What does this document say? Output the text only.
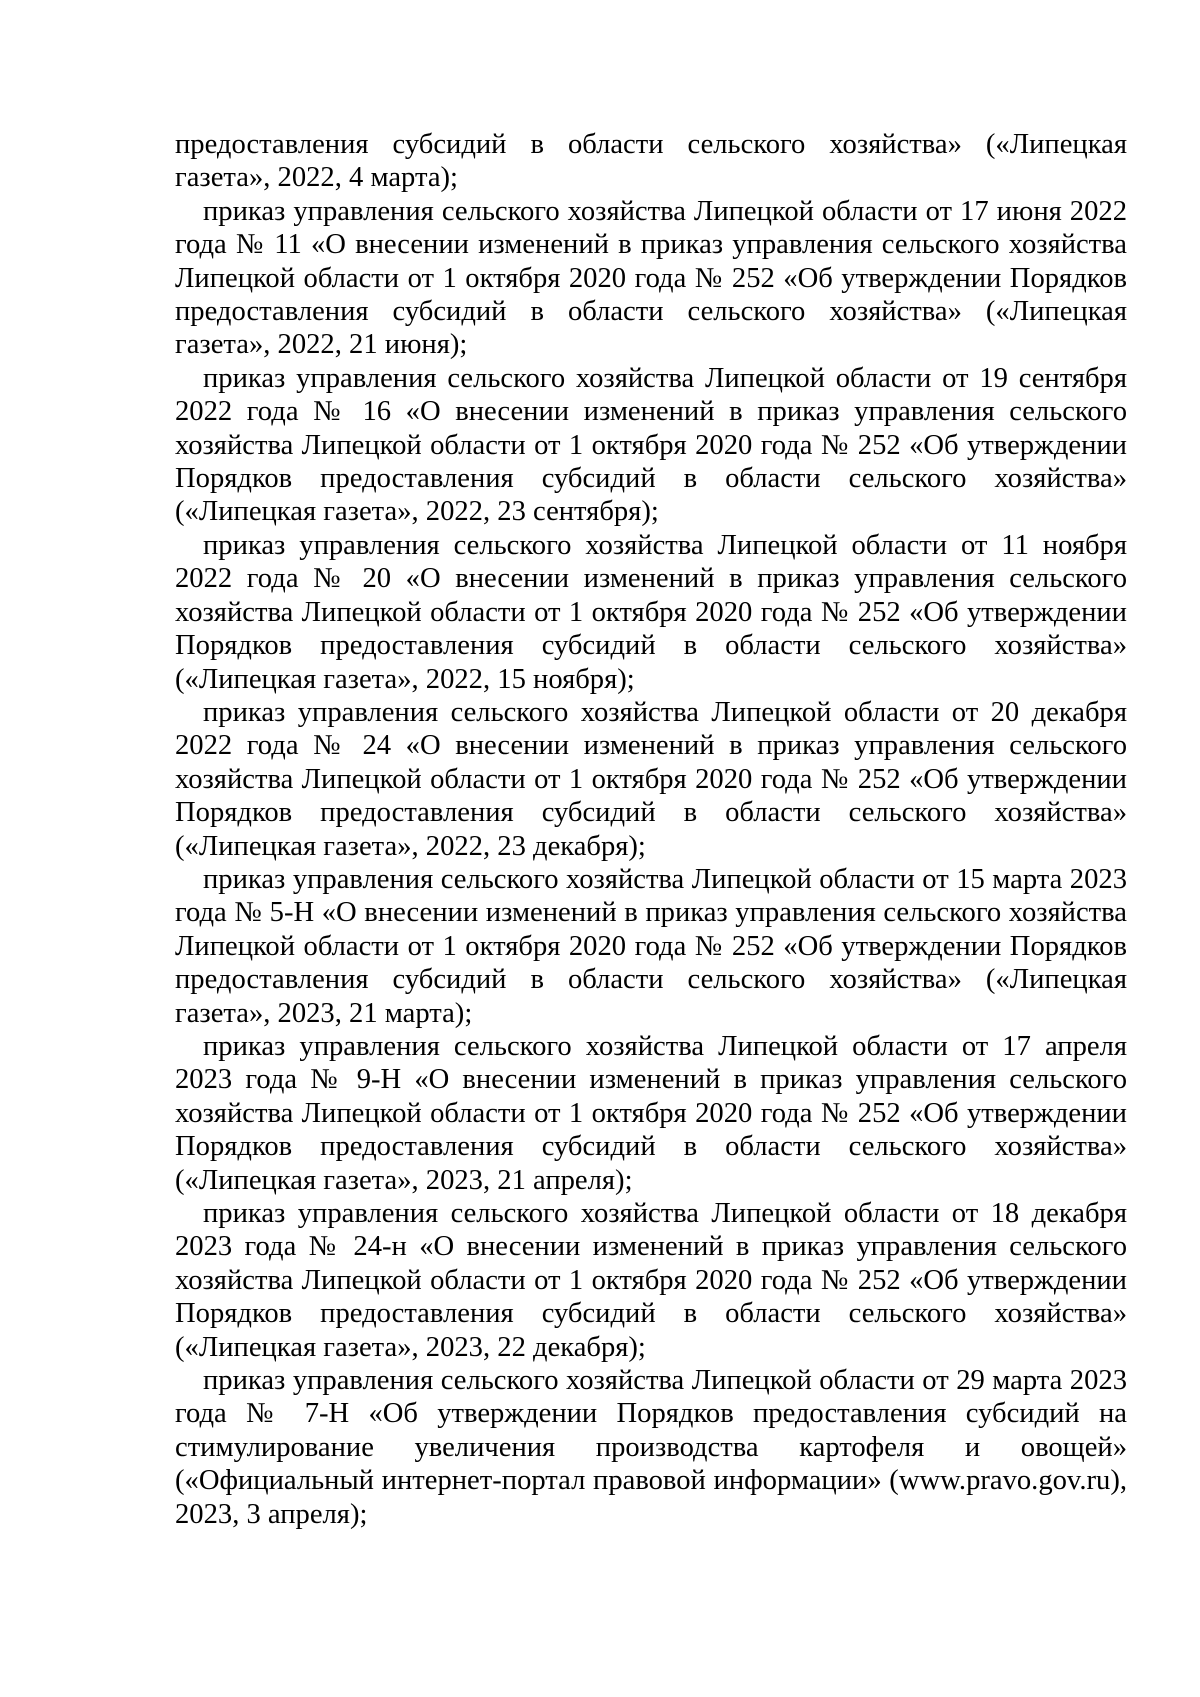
предоставления субсидий в области сельского хозяйства» («Липецкая газета», 2022, 4 марта);

приказ управления сельского хозяйства Липецкой области от 17 июня 2022 года № 11 «О внесении изменений в приказ управления сельского хозяйства Липецкой области от 1 октября 2020 года № 252 «Об утверждении Порядков предоставления субсидий в области сельского хозяйства» («Липецкая газета», 2022, 21 июня);

приказ управления сельского хозяйства Липецкой области от 19 сентября 2022 года № 16 «О внесении изменений в приказ управления сельского хозяйства Липецкой области от 1 октября 2020 года № 252 «Об утверждении Порядков предоставления субсидий в области сельского хозяйства» («Липецкая газета», 2022, 23 сентября);

приказ управления сельского хозяйства Липецкой области от 11 ноября 2022 года № 20 «О внесении изменений в приказ управления сельского хозяйства Липецкой области от 1 октября 2020 года № 252 «Об утверждении Порядков предоставления субсидий в области сельского хозяйства» («Липецкая газета», 2022, 15 ноября);

приказ управления сельского хозяйства Липецкой области от 20 декабря 2022 года № 24 «О внесении изменений в приказ управления сельского хозяйства Липецкой области от 1 октября 2020 года № 252 «Об утверждении Порядков предоставления субсидий в области сельского хозяйства» («Липецкая газета», 2022, 23 декабря);

приказ управления сельского хозяйства Липецкой области от 15 марта 2023 года № 5-Н «О внесении изменений в приказ управления сельского хозяйства Липецкой области от 1 октября 2020 года № 252 «Об утверждении Порядков предоставления субсидий в области сельского хозяйства» («Липецкая газета», 2023, 21 марта);

приказ управления сельского хозяйства Липецкой области от 17 апреля 2023 года № 9-Н «О внесении изменений в приказ управления сельского хозяйства Липецкой области от 1 октября 2020 года № 252 «Об утверждении Порядков предоставления субсидий в области сельского хозяйства» («Липецкая газета», 2023, 21 апреля);

приказ управления сельского хозяйства Липецкой области от 18 декабря 2023 года № 24-н «О внесении изменений в приказ управления сельского хозяйства Липецкой области от 1 октября 2020 года № 252 «Об утверждении Порядков предоставления субсидий в области сельского хозяйства» («Липецкая газета», 2023, 22 декабря);

приказ управления сельского хозяйства Липецкой области от 29 марта 2023 года № 7-Н «Об утверждении Порядков предоставления субсидий на стимулирование увеличения производства картофеля и овощей» («Официальный интернет-портал правовой информации» (www.pravo.gov.ru), 2023, 3 апреля);
